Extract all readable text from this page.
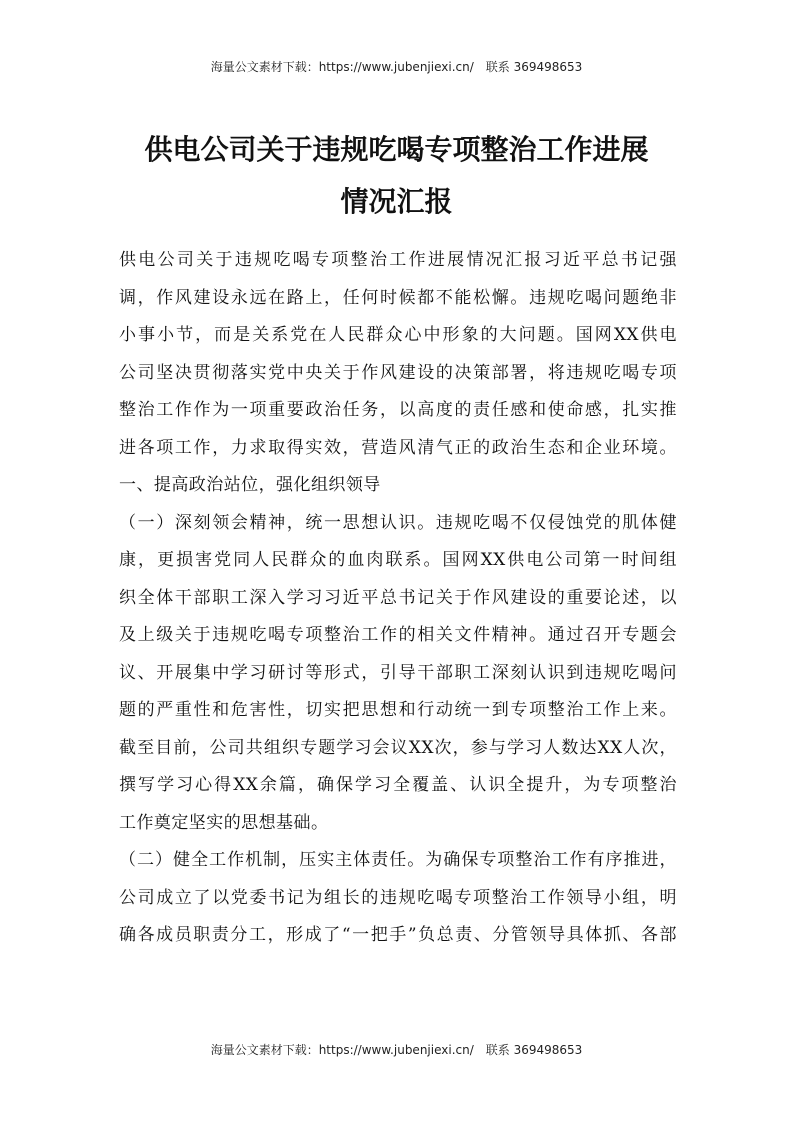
海量公文素材下载：https://www.jubenjiexi.cn/ 联系 369498653
供电公司关于违规吃喝专项整治工作进展
情况汇报
供电公司关于违规吃喝专项整治工作进展情况汇报习近平总书记强
调，作风建设永远在路上，任何时候都不能松懈。违规吃喝问题绝非
小事小节，而是关系党在人民群众心中形象的大问题。国网XX供电
公司坚决贯彻落实党中央关于作风建设的决策部署，将违规吃喝专项
整治工作作为一项重要政治任务，以高度的责任感和使命感，扎实推
进各项工作，力求取得实效，营造风清气正的政治生态和企业环境。
一、提高政治站位，强化组织领导
（一）深刻领会精神，统一思想认识。违规吃喝不仅侵蚀党的肌体健
康，更损害党同人民群众的血肉联系。国网XX供电公司第一时间组
织全体干部职工深入学习习近平总书记关于作风建设的重要论述，以
及上级关于违规吃喝专项整治工作的相关文件精神。通过召开专题会
议、开展集中学习研讨等形式，引导干部职工深刻认识到违规吃喝问
题的严重性和危害性，切实把思想和行动统一到专项整治工作上来。
截至目前，公司共组织专题学习会议XX次，参与学习人数达XX人次，
撰写学习心得XX余篇，确保学习全覆盖、认识全提升，为专项整治
工作奠定坚实的思想基础。
（二）健全工作机制，压实主体责任。为确保专项整治工作有序推进，
公司成立了以党委书记为组长的违规吃喝专项整治工作领导小组，明
确各成员职责分工，形成了“一把手”负总责、分管领导具体抓、各部
海量公文素材下载：https://www.jubenjiexi.cn/ 联系 369498653
